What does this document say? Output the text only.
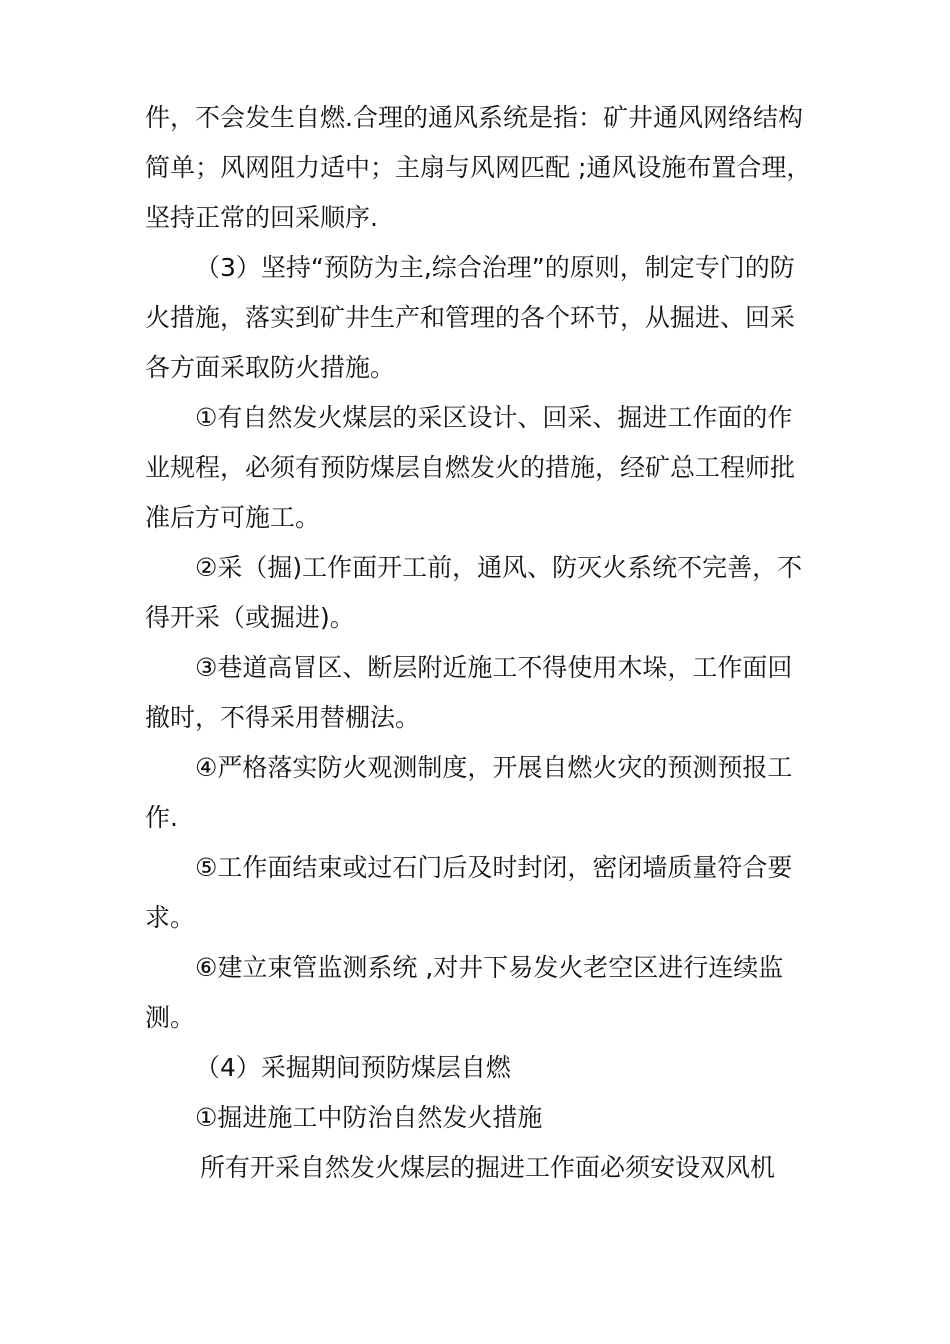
件，不会发生自燃.合理的通风系统是指：矿井通风网络结构
简单；风网阻力适中；主扇与风网匹配 ;通风设施布置合理，
坚持正常的回采顺序.
（3）坚持“预防为主,综合治理”的原则，制定专门的防
火措施，落实到矿井生产和管理的各个环节，从掘进、回采
各方面采取防火措施。
①有自然发火煤层的采区设计、回采、掘进工作面的作
业规程，必须有预防煤层自燃发火的措施，经矿总工程师批
准后方可施工。
②采（掘)工作面开工前，通风、防灭火系统不完善，不
得开采（或掘进)。
③巷道高冒区、断层附近施工不得使用木垛，工作面回
撤时，不得采用替棚法。
④严格落实防火观测制度，开展自燃火灾的预测预报工
作.
⑤工作面结束或过石门后及时封闭，密闭墙质量符合要
求。
⑥建立束管监测系统 ,对井下易发火老空区进行连续监
测。
（4）采掘期间预防煤层自燃
①掘进施工中防治自然发火措施
所有开采自然发火煤层的掘进工作面必须安设双风机
